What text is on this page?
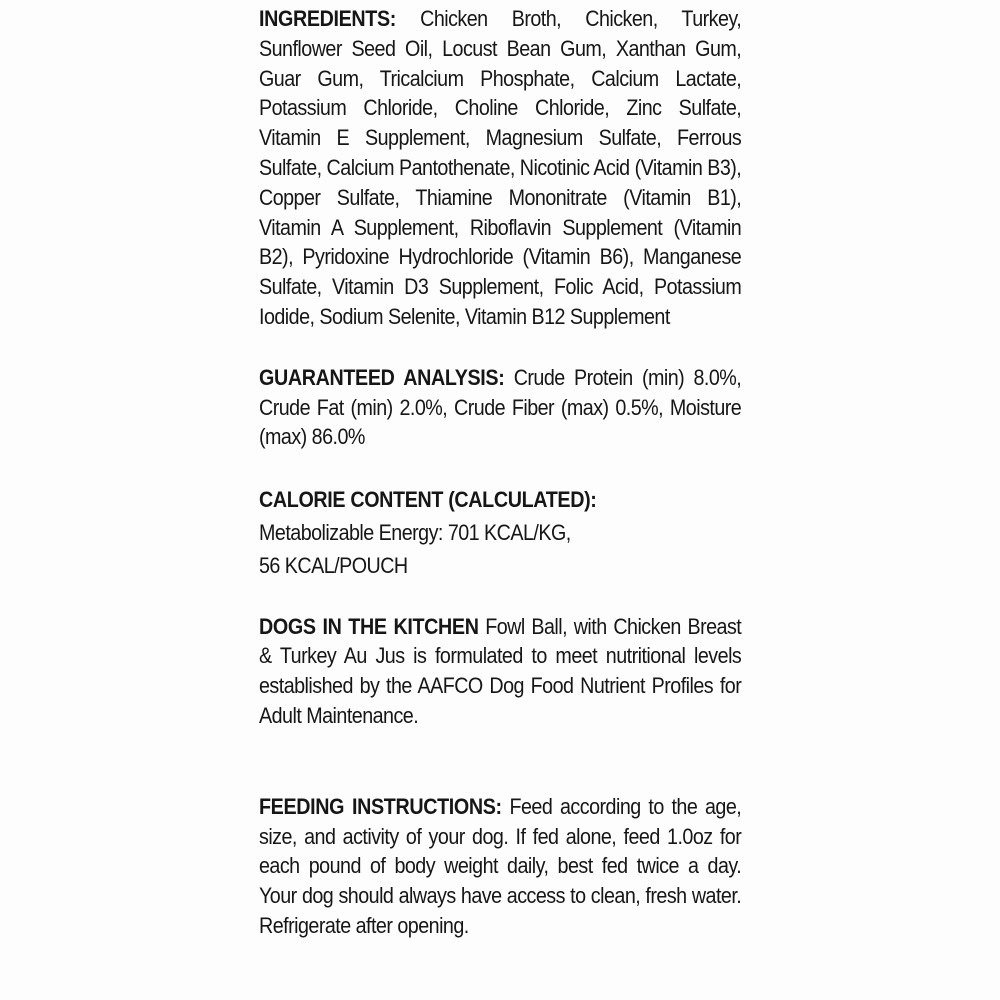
INGREDIENTS: Chicken Broth, Chicken, Turkey, Sunflower Seed Oil, Locust Bean Gum, Xanthan Gum, Guar Gum, Tricalcium Phosphate, Calcium Lactate, Potassium Chloride, Choline Chloride, Zinc Sulfate, Vitamin E Supplement, Magnesium Sulfate, Ferrous Sulfate, Calcium Pantothenate, Nicotinic Acid (Vitamin B3), Copper Sulfate, Thiamine Mononitrate (Vitamin B1), Vitamin A Supplement, Riboflavin Supplement (Vitamin B2), Pyridoxine Hydrochloride (Vitamin B6), Manganese Sulfate, Vitamin D3 Supplement, Folic Acid, Potassium Iodide, Sodium Selenite, Vitamin B12 Supplement

GUARANTEED ANALYSIS: Crude Protein (min) 8.0%, Crude Fat (min) 2.0%, Crude Fiber (max) 0.5%, Moisture (max) 86.0%

CALORIE CONTENT (CALCULATED):
Metabolizable Energy: 701 KCAL/KG,
56 KCAL/POUCH

DOGS IN THE KITCHEN Fowl Ball, with Chicken Breast & Turkey Au Jus is formulated to meet nutritional levels established by the AAFCO Dog Food Nutrient Profiles for Adult Maintenance.

FEEDING INSTRUCTIONS: Feed according to the age, size, and activity of your dog. If fed alone, feed 1.0oz for each pound of body weight daily, best fed twice a day. Your dog should always have access to clean, fresh water. Refrigerate after opening.
